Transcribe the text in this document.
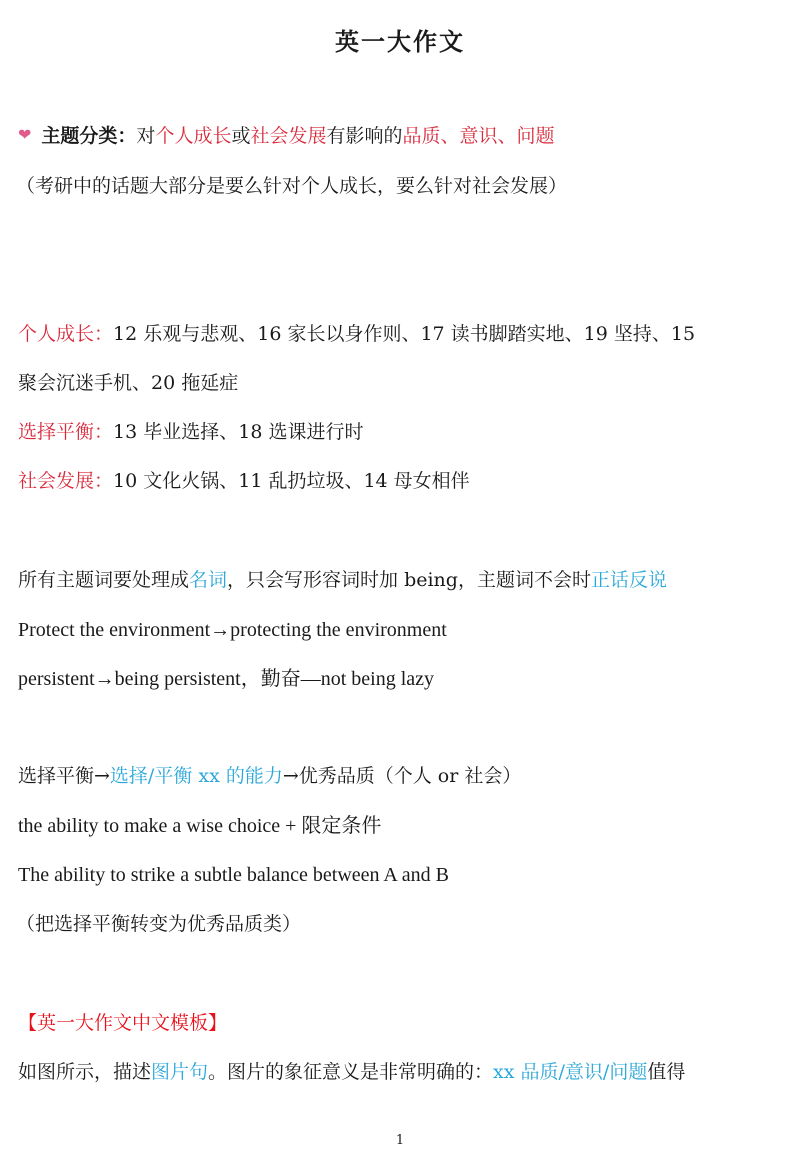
英一大作文
❤ 主题分类：对个人成长或社会发展有影响的品质、意识、问题
（考研中的话题大部分是要么针对个人成长，要么针对社会发展）
个人成长：12 乐观与悲观、16 家长以身作则、17 读书脚踏实地、19 坚持、15
聚会沉迷手机、20 拖延症
选择平衡：13 毕业选择、18 选课进行时
社会发展：10 文化火锅、11 乱扔垃圾、14 母女相伴
所有主题词要处理成名词，只会写形容词时加 being，主题词不会时正话反说
Protect the environment→protecting the environment
persistent→being persistent，勤奋—not being lazy
选择平衡→选择/平衡 xx 的能力→优秀品质（个人 or 社会）
the ability to make a wise choice + 限定条件
The ability to strike a subtle balance between A and B
（把选择平衡转变为优秀品质类）
【英一大作文中文模板】
如图所示，描述图片句。图片的象征意义是非常明确的：xx 品质/意识/问题值得
1
